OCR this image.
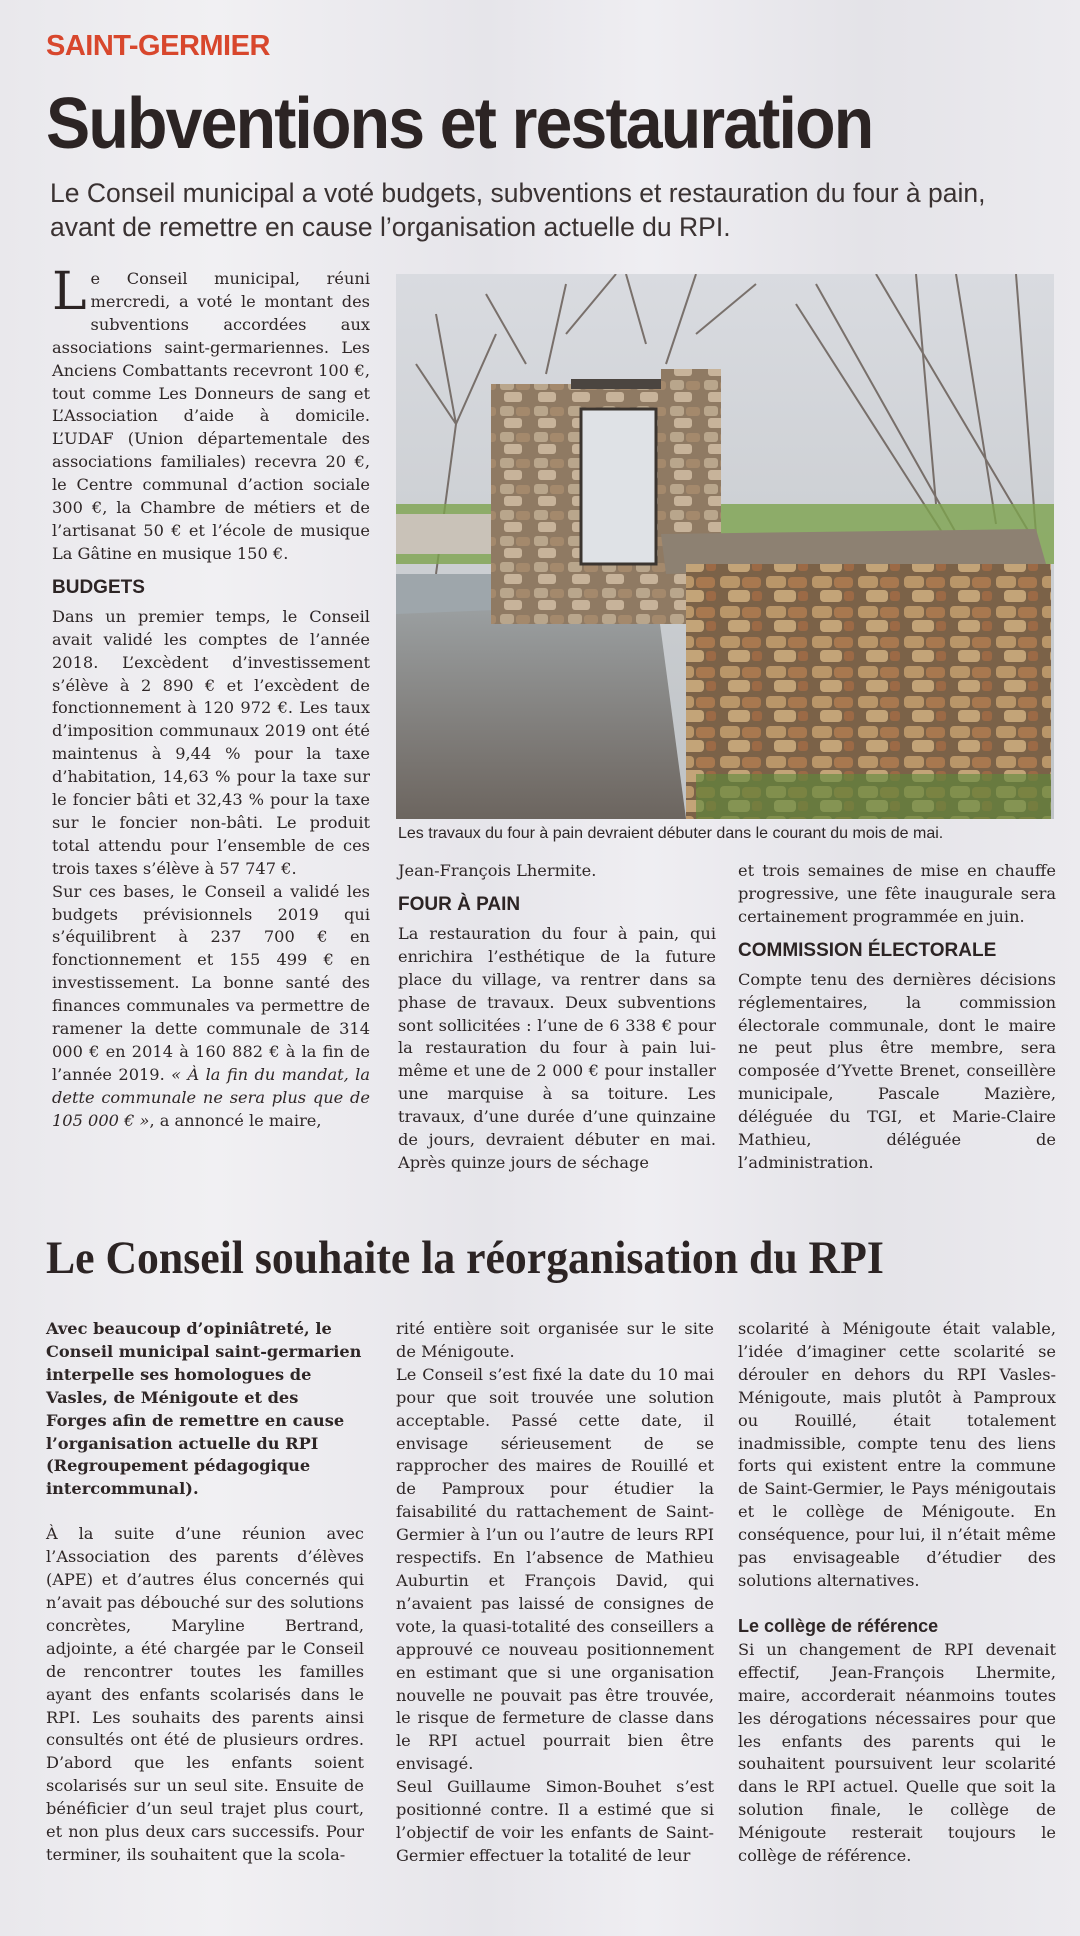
SAINT-GERMIER
Subventions et restauration
Le Conseil municipal a voté budgets, subventions et restauration du four à pain, avant de remettre en cause l’organisation actuelle du RPI.

Le Conseil municipal, réuni mercredi, a voté le montant des subventions accordées aux associations saint-germariennes. Les Anciens Combattants recevront 100 €, tout comme Les Donneurs de sang et L’Association d’aide à domicile. L’UDAF (Union départementale des associations familiales) recevra 20 €, le Centre communal d’action sociale 300 €, la Chambre de métiers et de l’artisanat 50 € et l’école de musique La Gâtine en musique 150 €.

BUDGETS

Dans un premier temps, le Conseil avait validé les comptes de l’année 2018. L’excèdent d’investissement s’élève à 2 890 € et l’excèdent de fonctionnement à 120 972 €. Les taux d’imposition communaux 2019 ont été maintenus à 9,44 % pour la taxe d’habitation, 14,63 % pour la taxe sur le foncier bâti et 32,43 % pour la taxe sur le foncier non-bâti. Le produit total attendu pour l’ensemble de ces trois taxes s’élève à 57 747 €.

Sur ces bases, le Conseil a validé les budgets prévisionnels 2019 qui s’équilibrent à 237 700 € en fonctionnement et 155 499 € en investissement. La bonne santé des finances communales va permettre de ramener la dette communale de 314 000 € en 2014 à 160 882 € à la fin de l’année 2019. « À la fin du mandat, la dette communale ne sera plus que de 105 000 € », a annoncé le maire,

Les travaux du four à pain devraient débuter dans le courant du mois de mai.

Jean-François Lhermite.

FOUR À PAIN

La restauration du four à pain, qui enrichira l’esthétique de la future place du village, va rentrer dans sa phase de travaux. Deux subventions sont sollicitées : l’une de 6 338 € pour la restauration du four à pain lui-même et une de 2 000 € pour installer une marquise à sa toiture. Les travaux, d’une durée d’une quinzaine de jours, devraient débuter en mai. Après quinze jours de séchage

et trois semaines de mise en chauffe progressive, une fête inaugurale sera certainement programmée en juin.

COMMISSION ÉLECTORALE

Compte tenu des dernières décisions réglementaires, la commission électorale communale, dont le maire ne peut plus être membre, sera composée d’Yvette Brenet, conseillère municipale, Pascale Mazière, déléguée du TGI, et Marie-Claire Mathieu, déléguée de l’administration.

Le Conseil souhaite la réorganisation du RPI

Avec beaucoup d’opiniâtreté, le Conseil municipal saint-germarien interpelle ses homologues de Vasles, de Ménigoute et des Forges afin de remettre en cause l’organisation actuelle du RPI (Regroupement pédagogique intercommunal).

À la suite d’une réunion avec l’Association des parents d’élèves (APE) et d’autres élus concernés qui n’avait pas débouché sur des solutions concrètes, Maryline Bertrand, adjointe, a été chargée par le Conseil de rencontrer toutes les familles ayant des enfants scolarisés dans le RPI. Les souhaits des parents ainsi consultés ont été de plusieurs ordres. D’abord que les enfants soient scolarisés sur un seul site. Ensuite de bénéficier d’un seul trajet plus court, et non plus deux cars successifs. Pour terminer, ils souhaitent que la scola-

rité entière soit organisée sur le site de Ménigoute.

Le Conseil s’est fixé la date du 10 mai pour que soit trouvée une solution acceptable. Passé cette date, il envisage sérieusement de se rapprocher des maires de Rouillé et de Pamproux pour étudier la faisabilité du rattachement de Saint-Germier à l’un ou l’autre de leurs RPI respectifs. En l’absence de Mathieu Auburtin et François David, qui n’avaient pas laissé de consignes de vote, la quasi-totalité des conseillers a approuvé ce nouveau positionnement en estimant que si une organisation nouvelle ne pouvait pas être trouvée, le risque de fermeture de classe dans le RPI actuel pourrait bien être envisagé.

Seul Guillaume Simon-Bouhet s’est positionné contre. Il a estimé que si l’objectif de voir les enfants de Saint-Germier effectuer la totalité de leur

scolarité à Ménigoute était valable, l’idée d’imaginer cette scolarité se dérouler en dehors du RPI Vasles-Ménigoute, mais plutôt à Pamproux ou Rouillé, était totalement inadmissible, compte tenu des liens forts qui existent entre la commune de Saint-Germier, le Pays ménigoutais et le collège de Ménigoute. En conséquence, pour lui, il n’était même pas envisageable d’étudier des solutions alternatives.

Le collège de référence

Si un changement de RPI devenait effectif, Jean-François Lhermite, maire, accorderait néanmoins toutes les dérogations nécessaires pour que les enfants des parents qui le souhaitent poursuivent leur scolarité dans le RPI actuel. Quelle que soit la solution finale, le collège de Ménigoute resterait toujours le collège de référence.
